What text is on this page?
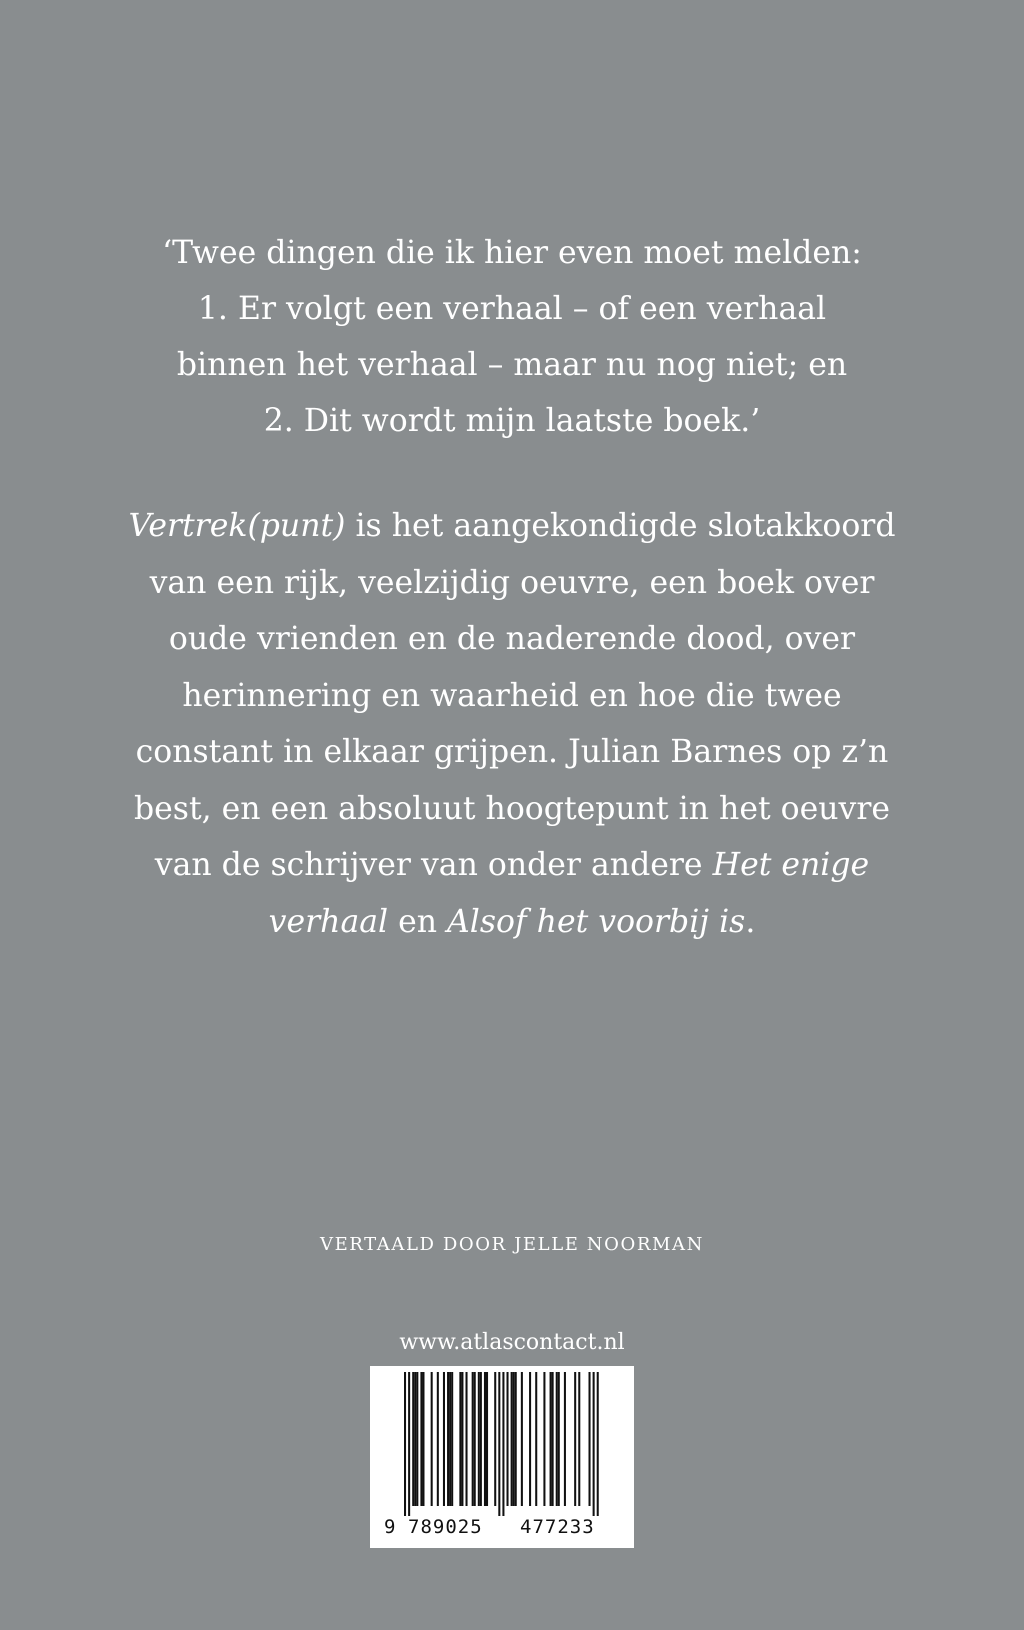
‘Twee dingen die ik hier even moet melden:
1. Er volgt een verhaal – of een verhaal
binnen het verhaal – maar nu nog niet; en
2. Dit wordt mijn laatste boek.’
Vertrek(punt) is het aangekondigde slotakkoord
van een rijk, veelzijdig oeuvre, een boek over
oude vrienden en de naderende dood, over
herinnering en waarheid en hoe die twee
constant in elkaar grijpen. Julian Barnes op z’n
best, en een absoluut hoogtepunt in het oeuvre
van de schrijver van onder andere Het enige
verhaal en Alsof het voorbij is.
VERTAALD DOOR JELLE NOORMAN
www.atlascontact.nl
9 789025 477233
